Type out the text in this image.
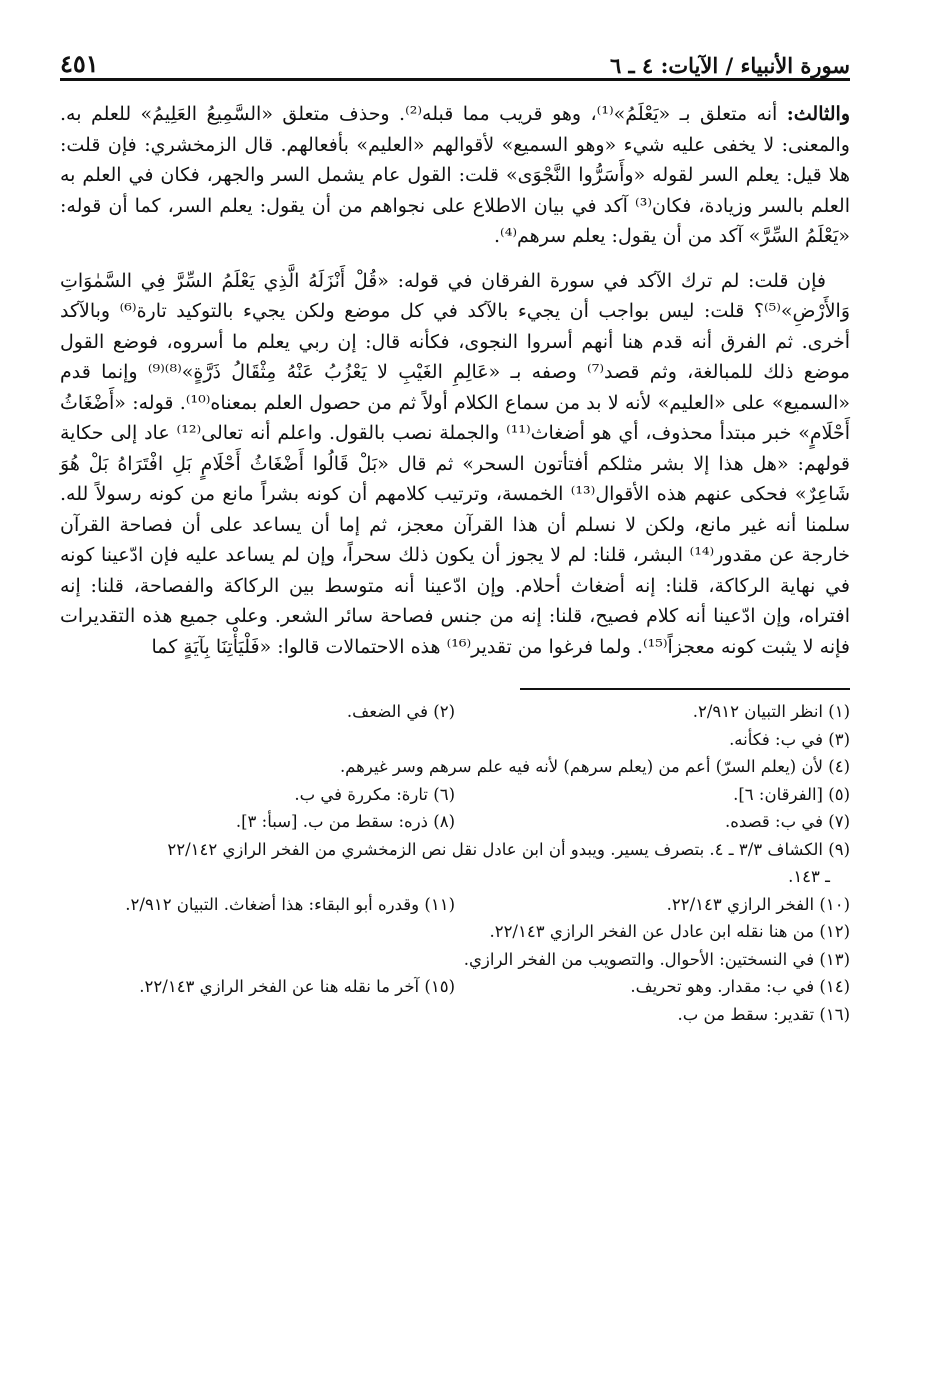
سورة الأنبياء / الآيات: ٤ ـ ٦
٤٥١

والثالث: أنه متعلق بـ «يَعْلَمُ»⁽¹⁾، وهو قريب مما قبله⁽²⁾. وحذف متعلق «السَّمِيعُ العَلِيمُ» للعلم به. والمعنى: لا يخفى عليه شيء «وهو السميع» لأقوالهم «العليم» بأفعالهم. قال الزمخشري: فإن قلت: هلا قيل: يعلم السر لقوله «وأَسَرُّوا النَّجْوَى» قلت: القول عام يشمل السر والجهر، فكان في العلم به العلم بالسر وزيادة، فكان⁽³⁾ آكد في بيان الاطلاع على نجواهم من أن يقول: يعلم السر، كما أن قوله: «يَعْلَمُ السِّرَّ» آكد من أن يقول: يعلم سرهم⁽⁴⁾.

فإن قلت: لم ترك الآكد في سورة الفرقان في قوله: «قُلْ أَنْزَلَهُ الَّذِي يَعْلَمُ السِّرَّ فِي السَّمٰوَاتِ وَالأَرْضِ»⁽⁵⁾؟ قلت: ليس بواجب أن يجيء بالآكد في كل موضع ولكن يجيء بالتوكيد تارة⁽⁶⁾ وبالآكد أخرى. ثم الفرق أنه قدم هنا أنهم أسروا النجوى، فكأنه قال: إن ربي يعلم ما أسروه، فوضع القول موضع ذلك للمبالغة، وثم قصد⁽⁷⁾ وصفه بـ «عَالِمِ الغَيْبِ لا يَعْزُبُ عَنْهُ مِثْقَالُ ذَرَّةٍ»⁽⁸⁾⁽⁹⁾ وإنما قدم «السميع» على «العليم» لأنه لا بد من سماع الكلام أولاً ثم من حصول العلم بمعناه⁽¹⁰⁾. قوله: «أَضْغَاثُ أَحْلَامٍ» خبر مبتدأ محذوف، أي هو أضغاث⁽¹¹⁾ والجملة نصب بالقول. واعلم أنه تعالى⁽¹²⁾ عاد إلى حكاية قولهم: «هل هذا إلا بشر مثلكم أفتأتون السحر» ثم قال «بَلْ قَالُوا أَضْغَاثُ أَحْلَامٍ بَلِ افْتَرَاهُ بَلْ هُوَ شَاعِرٌ» فحكى عنهم هذه الأقوال⁽¹³⁾ الخمسة، وترتيب كلامهم أن كونه بشراً مانع من كونه رسولاً لله. سلمنا أنه غير مانع، ولكن لا نسلم أن هذا القرآن معجز، ثم إما أن يساعد على أن فصاحة القرآن خارجة عن مقدور⁽¹⁴⁾ البشر، قلنا: لم لا يجوز أن يكون ذلك سحراً، وإن لم يساعد عليه فإن ادّعينا كونه في نهاية الركاكة، قلنا: إنه أضغاث أحلام. وإن ادّعينا أنه متوسط بين الركاكة والفصاحة، قلنا: إنه افتراه، وإن ادّعينا أنه كلام فصيح، قلنا: إنه من جنس فصاحة سائر الشعر. وعلى جميع هذه التقديرات فإنه لا يثبت كونه معجزاً⁽¹⁵⁾. ولما فرغوا من تقدير⁽¹⁶⁾ هذه الاحتمالات قالوا: «فَلْيَأْتِنَا بِآيَةٍ كما

(١) انظر التبيان ٢/٩١٢.
(٢) في الضعف.
(٣) في ب: فكأنه.
(٤) لأن (يعلم السرّ) أعم من (يعلم سرهم) لأنه فيه علم سرهم وسر غيرهم.
(٥) [الفرقان: ٦].
(٦) تارة: مكررة في ب.
(٧) في ب: قصده.
(٨) ذره: سقط من ب. [سبأ: ٣].
(٩) الكشاف ٣/٣ ـ ٤. بتصرف يسير. ويبدو أن ابن عادل نقل نص الزمخشري من الفخر الرازي ٢٢/١٤٢
ـ ١٤٣.
(١٠) الفخر الرازي ٢٢/١٤٣.
(١١) وقدره أبو البقاء: هذا أضغاث. التبيان ٢/٩١٢.
(١٢) من هنا نقله ابن عادل عن الفخر الرازي ٢٢/١٤٣.
(١٣) في النسختين: الأحوال. والتصويب من الفخر الرازي.
(١٤) في ب: مقدار. وهو تحريف.
(١٥) آخر ما نقله هنا عن الفخر الرازي ٢٢/١٤٣.
(١٦) تقدير: سقط من ب.
